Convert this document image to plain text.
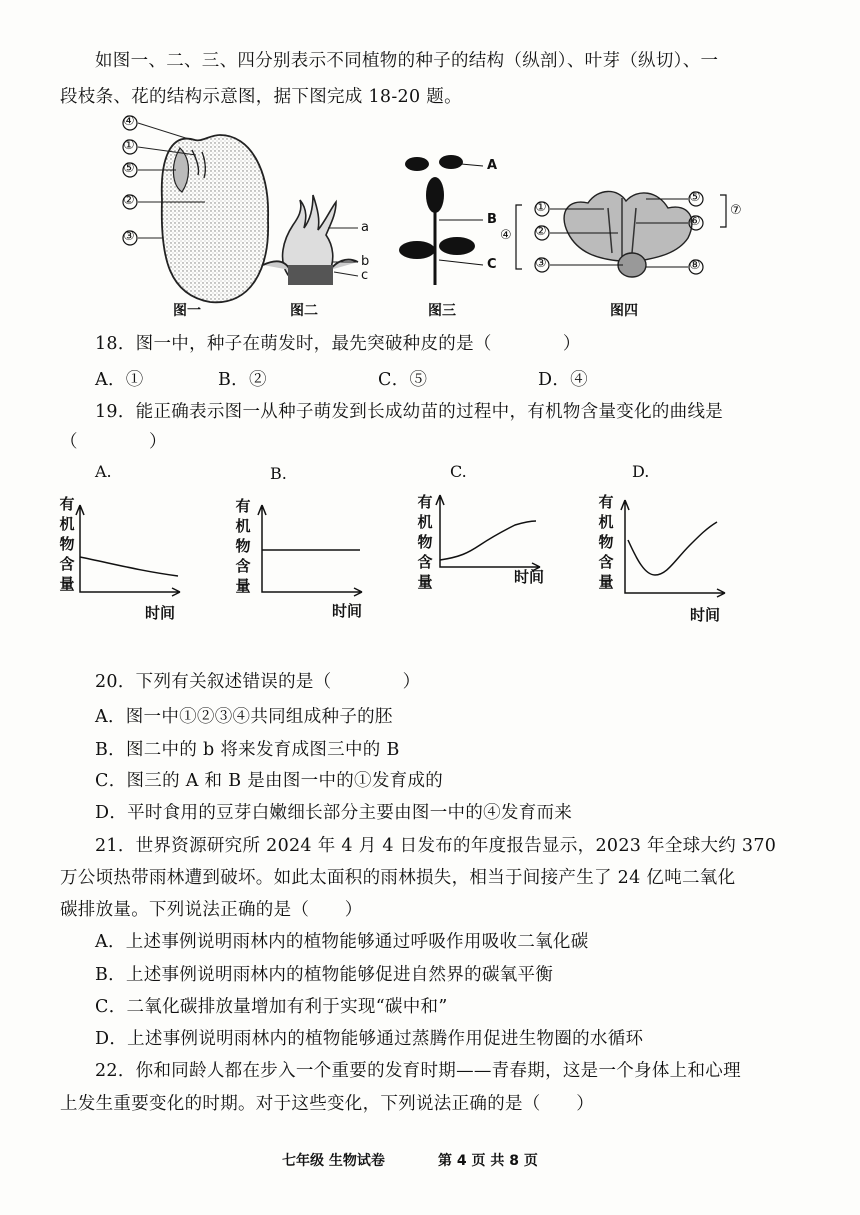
如图一、二、三、四分别表示不同植物的种子的结构（纵剖）、叶芽（纵切）、一
段枝条、花的结构示意图，据下图完成 18-20 题。
④
①
⑤
②
③
图一
a
b
c
图二
A
B
C
图三
①
②
③
④
⑤
⑥
⑧
⑦
图四
18．图一中，种子在萌发时，最先突破种皮的是（　　　　）
A．①	B．②	C．⑤	D．④
19．能正确表示图一从种子萌发到长成幼苗的过程中，有机物含量变化的曲线是
（　　　　）
A.	B.	C.	D.
有
机
物
含
量
时间
有
机
物
含
量
时间
有
机
物
含
量	时间
有
机
物
含
量
时间
20．下列有关叙述错误的是（　　　　）
A．图一中①②③④共同组成种子的胚
B．图二中的 b 将来发育成图三中的 B
C．图三的 A 和 B 是由图一中的①发育成的
D．平时食用的豆芽白嫩细长部分主要由图一中的④发育而来
21．世界资源研究所 2024 年 4 月 4 日发布的年度报告显示，2023 年全球大约 370
万公顷热带雨林遭到破坏。如此太面积的雨林损失，相当于间接产生了 24 亿吨二氧化
碳排放量。下列说法正确的是（　　）
A．上述事例说明雨林内的植物能够通过呼吸作用吸收二氧化碳
B．上述事例说明雨林内的植物能够促进自然界的碳氧平衡
C．二氧化碳排放量增加有利于实现“碳中和”
D．上述事例说明雨林内的植物能够通过蒸腾作用促进生物圈的水循环
22．你和同龄人都在步入一个重要的发育时期——青春期，这是一个身体上和心理
上发生重要变化的时期。对于这些变化，下列说法正确的是（　　）
七年级 生物试卷	第 4 页 共 8 页
